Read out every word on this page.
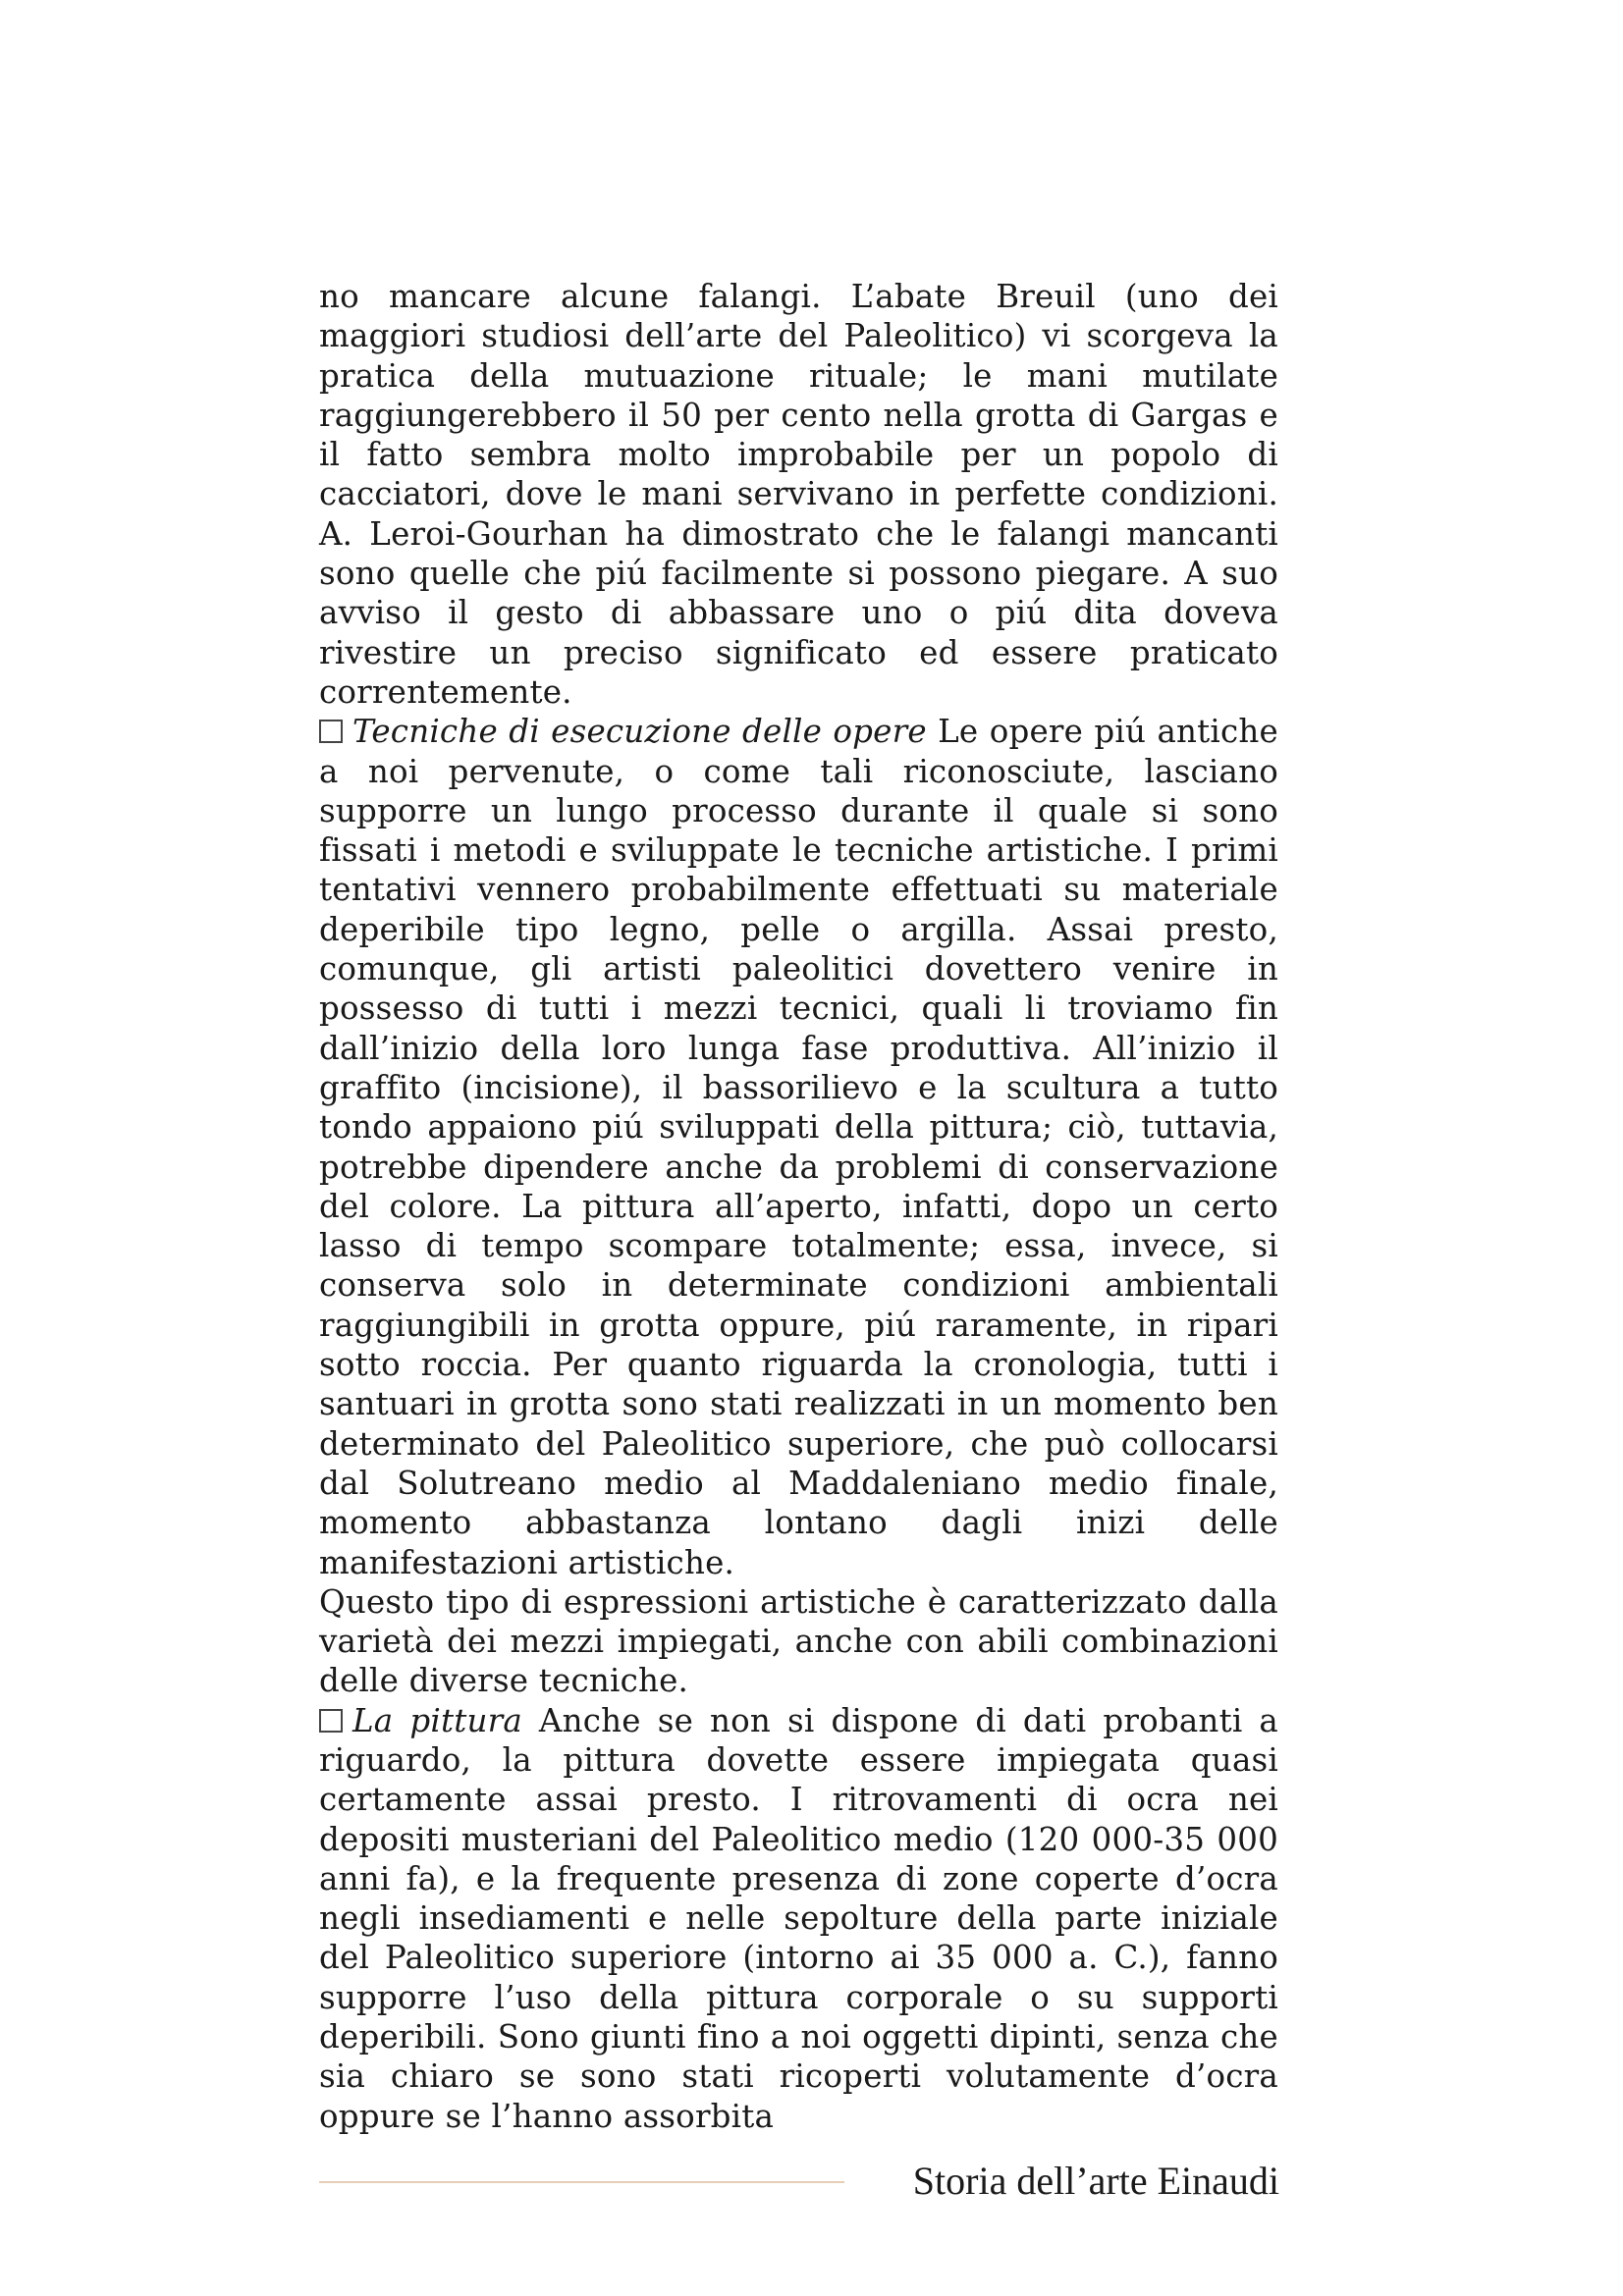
no mancare alcune falangi. L’abate Breuil (uno dei maggiori studiosi dell’arte del Paleolitico) vi scorgeva la pratica della mutuazione rituale; le mani mutilate raggiungerebbero il 50 per cento nella grotta di Gargas e il fatto sembra molto improbabile per un popolo di cacciatori, dove le mani servivano in perfette condizioni. A. Leroi-Gourhan ha dimostrato che le falangi mancanti sono quelle che piú facilmente si possono piegare. A suo avviso il gesto di abbassare uno o piú dita doveva rivestire un preciso significato ed essere praticato correntemente.

Tecniche di esecuzione delle opere Le opere piú antiche a noi pervenute, o come tali riconosciute, lasciano supporre un lungo processo durante il quale si sono fissati i metodi e sviluppate le tecniche artistiche. I primi tentativi vennero probabilmente effettuati su materiale deperibile tipo legno, pelle o argilla. Assai presto, comunque, gli artisti paleolitici dovettero venire in possesso di tutti i mezzi tecnici, quali li troviamo fin dall’inizio della loro lunga fase produttiva. All’inizio il graffito (incisione), il bassorilievo e la scultura a tutto tondo appaiono piú sviluppati della pittura; ciò, tuttavia, potrebbe dipendere anche da problemi di conservazione del colore. La pittura all’aperto, infatti, dopo un certo lasso di tempo scompare totalmente; essa, invece, si conserva solo in determinate condizioni ambientali raggiungibili in grotta oppure, piú raramente, in ripari sotto roccia. Per quanto riguarda la cronologia, tutti i santuari in grotta sono stati realizzati in un momento ben determinato del Paleolitico superiore, che può collocarsi dal Solutreano medio al Maddaleniano medio finale, momento abbastanza lontano dagli inizi delle manifestazioni artistiche.

Questo tipo di espressioni artistiche è caratterizzato dalla varietà dei mezzi impiegati, anche con abili combinazioni delle diverse tecniche.

La pittura Anche se non si dispone di dati probanti a riguardo, la pittura dovette essere impiegata quasi certamente assai presto. I ritrovamenti di ocra nei depositi musteriani del Paleolitico medio (120 000-35 000 anni fa), e la frequente presenza di zone coperte d’ocra negli insediamenti e nelle sepolture della parte iniziale del Paleolitico superiore (intorno ai 35 000 a. C.), fanno supporre l’uso della pittura corporale o su supporti deperibili. Sono giunti fino a noi oggetti dipinti, senza che sia chiaro se sono stati ricoperti volutamente d’ocra oppure se l’hanno assorbita

Storia dell’arte Einaudi
